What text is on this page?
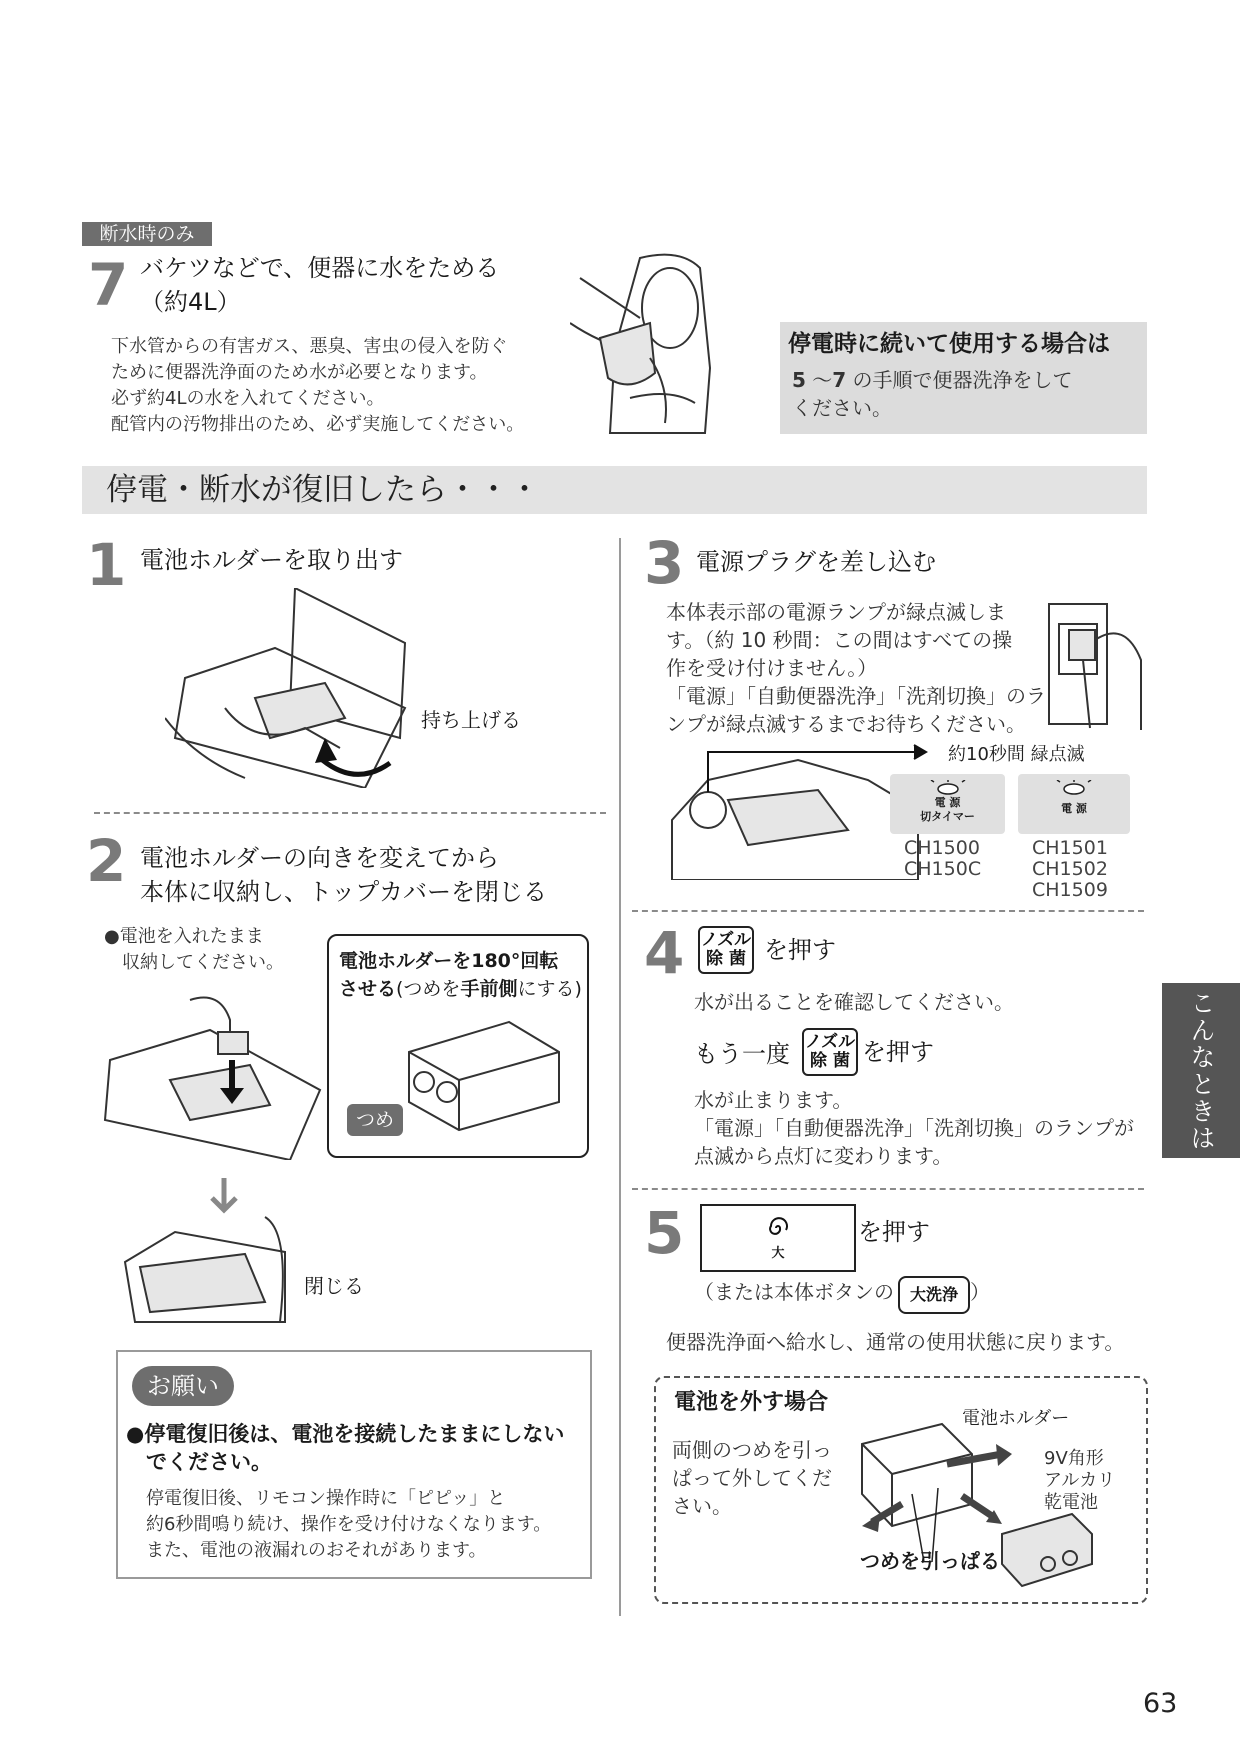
断水時のみ
7 バケツなどで、便器に水をためる
（約4L）
下水管からの有害ガス、悪臭、害虫の侵入を防ぐ
ために便器洗浄面のため水が必要となります。
必ず約4Lの水を入れてください。
配管内の汚物排出のため、必ず実施してください。
停電時に続いて使用する場合は
5 ～7 の手順で便器洗浄をして
ください。
停電・断水が復旧したら・・・
1 電池ホルダーを取り出す
持ち上げる
2 電池ホルダーの向きを変えてから
本体に収納し、トップカバーを閉じる
●電池を入れたまま
収納してください。	電池ホルダーを180°回転
させる(つめを手前側にする)
つめ
閉じる
お願い
●停電復旧後は、電池を接続したままにしない
でください。
停電復旧後、リモコン操作時に「ピピッ」と
約6秒間鳴り続け、操作を受け付けなくなります。
また、電池の液漏れのおそれがあります。
3 電源プラグを差し込む
本体表示部の電源ランプが緑点滅しま
す。（約 10 秒間：この間はすべての操
作を受け付けません。）
「電源」「自動便器洗浄」「洗剤切換」のラ
ンプが緑点滅するまでお待ちください。
約10秒間 緑点滅
電 源
切タイマー
電 源
CH1500
CH150C
CH1501
CH1502
CH1509
4 ノズル
除 菌 を押す
水が出ることを確認してください。
もう一度 ノズル
除 菌 を押す
水が止まります。
「電源」「自動便器洗浄」「洗剤切換」のランプが
点滅から点灯に変わります。
5	大
を押す
（または本体ボタンの 大洗浄 ）
便器洗浄面へ給水し、通常の使用状態に戻ります。
電池を外す場合
両側のつめを引っ
ぱって外してくだ
さい。
電池ホルダー
9V角形
アルカリ
乾電池
つめを引っぱる
こんなときは
63
